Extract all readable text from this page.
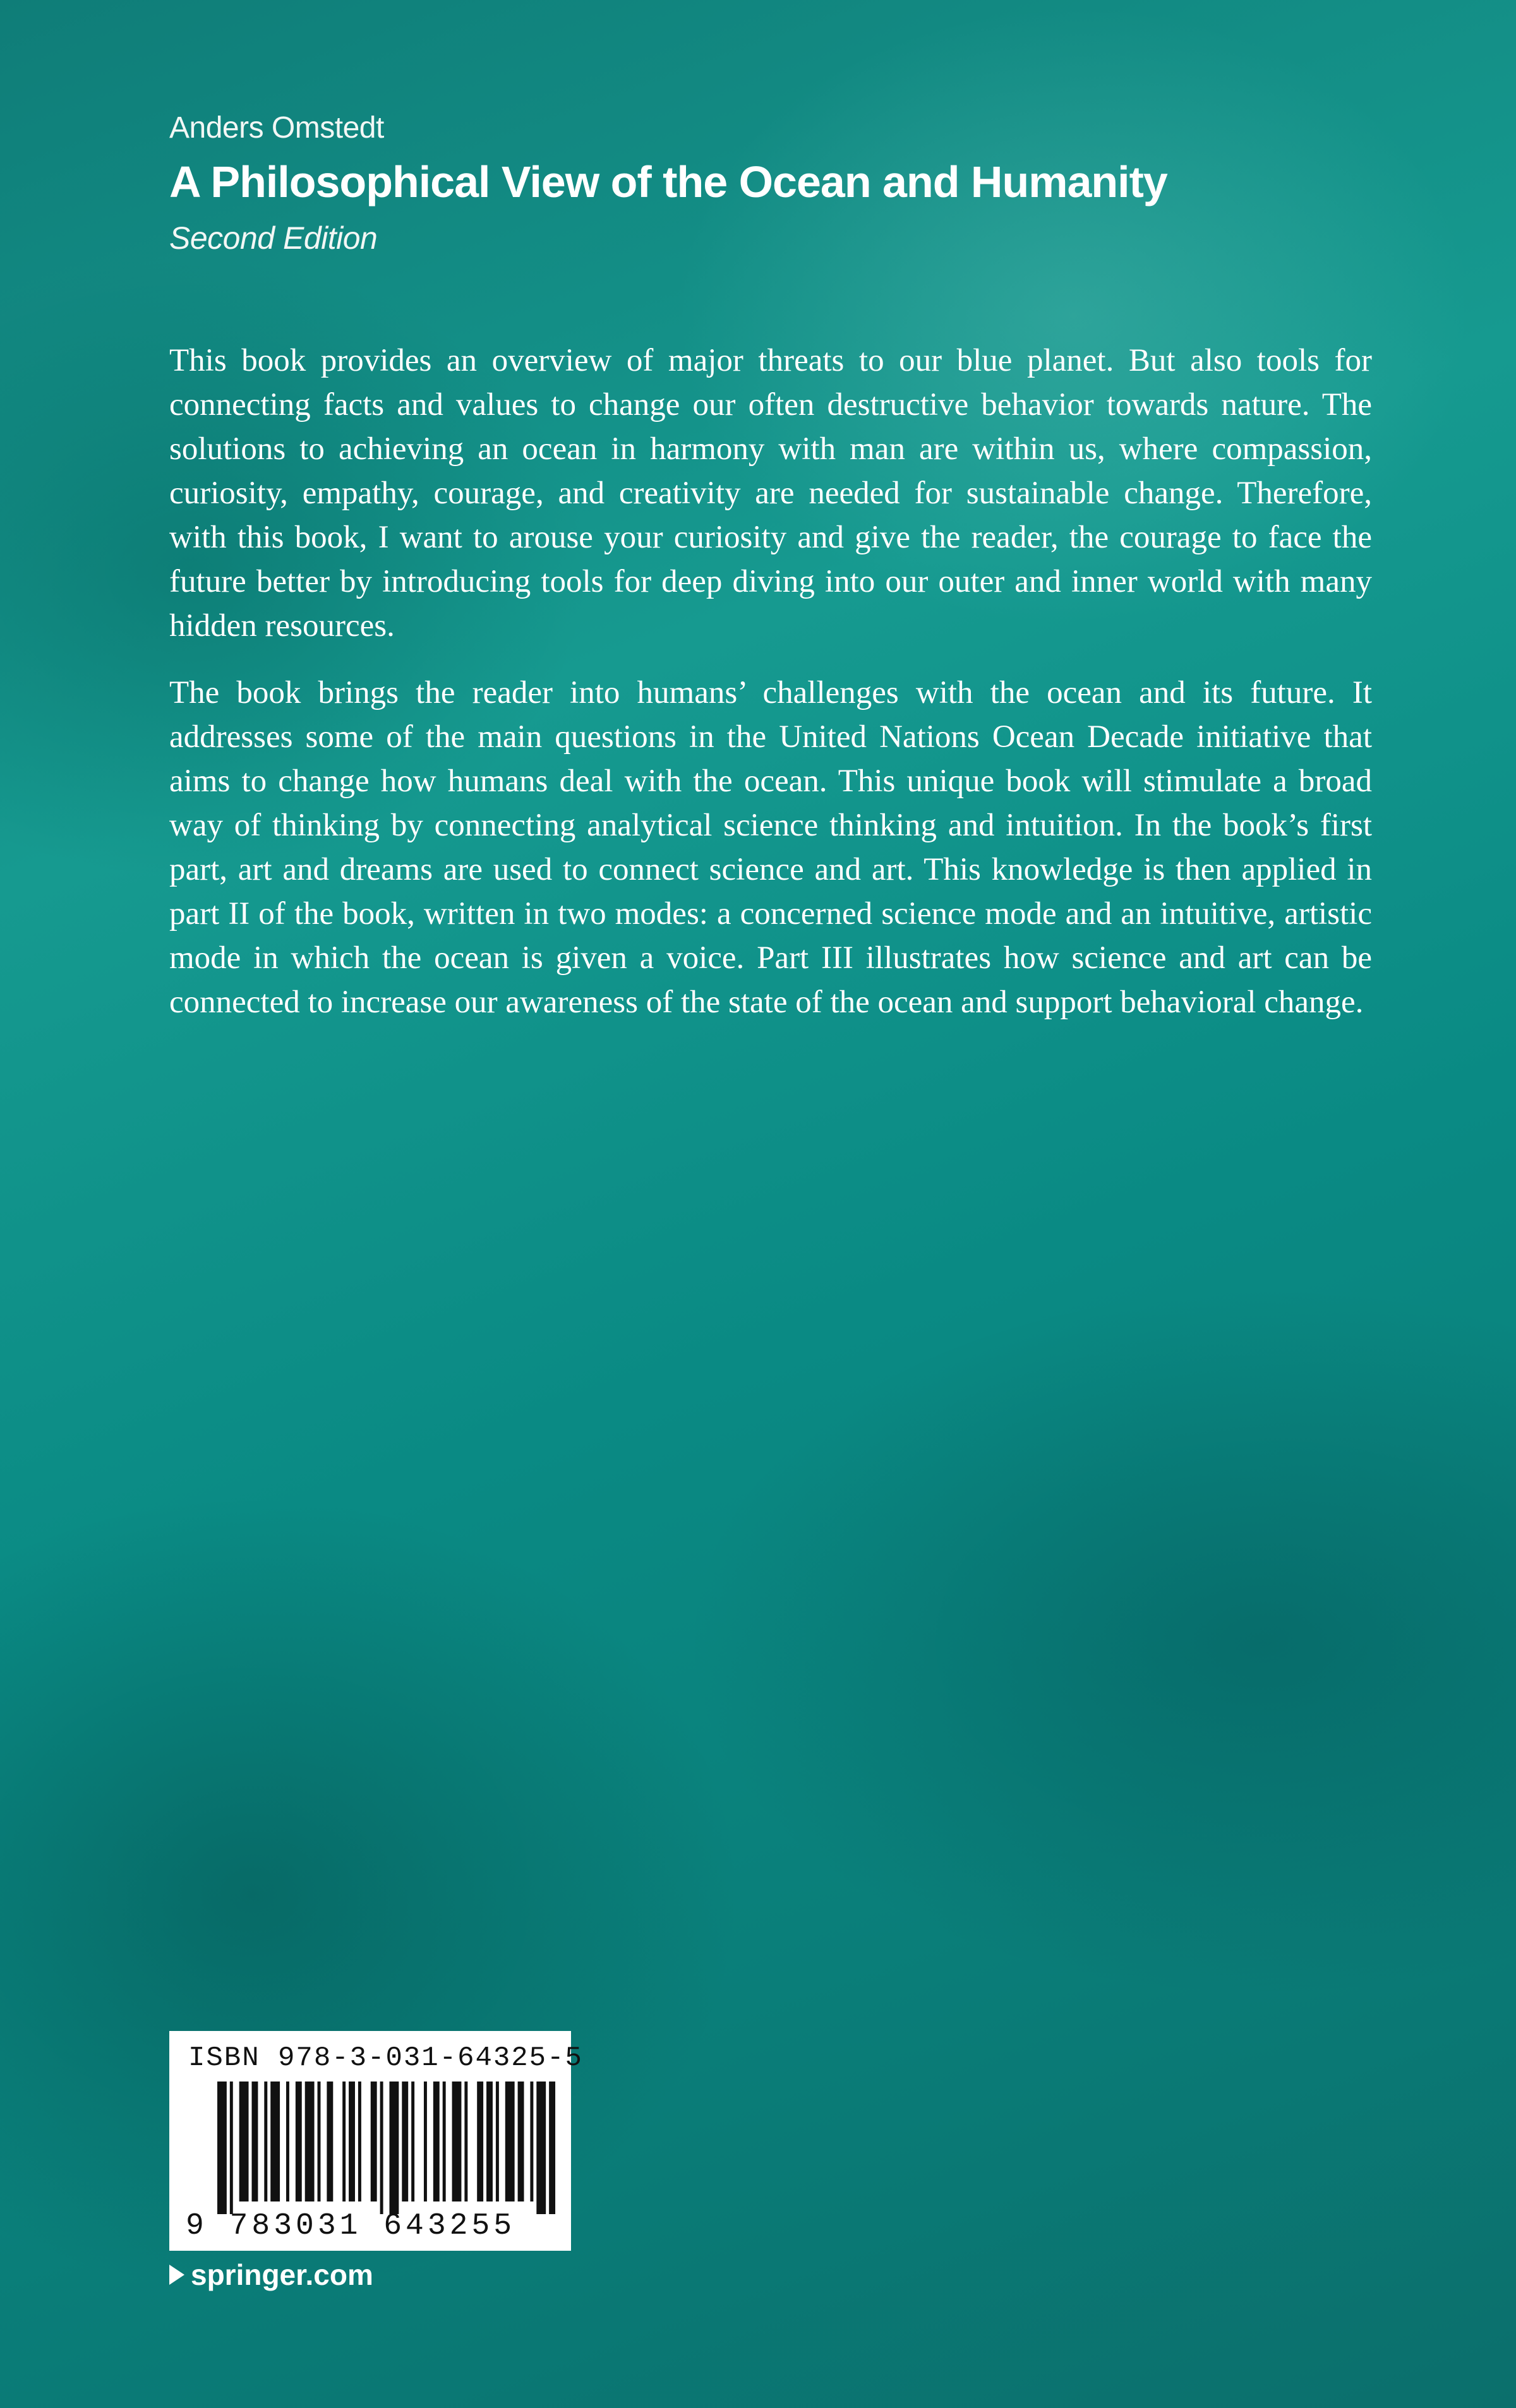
Anders Omstedt
A Philosophical View of the Ocean and Humanity
Second Edition

This book provides an overview of major threats to our blue planet. But also tools for connecting facts and values to change our often destructive behavior towards nature. The solutions to achieving an ocean in harmony with man are within us, where compassion, curiosity, empathy, courage, and creativity are needed for sustainable change. Therefore, with this book, I want to arouse your curiosity and give the reader, the courage to face the future better by introducing tools for deep diving into our outer and inner world with many hidden resources.

The book brings the reader into humans’ challenges with the ocean and its future. It addresses some of the main questions in the United Nations Ocean Decade initiative that aims to change how humans deal with the ocean. This unique book will stimulate a broad way of thinking by connecting analytical science thinking and intuition. In the book’s first part, art and dreams are used to connect science and art. This knowledge is then applied in part II of the book, written in two modes: a concerned science mode and an intuitive, artistic mode in which the ocean is given a voice. Part III illustrates how science and art can be connected to increase our awareness of the state of the ocean and support behavioral change.

ISBN 978-3-031-64325-5
9 783031 643255
springer.com
